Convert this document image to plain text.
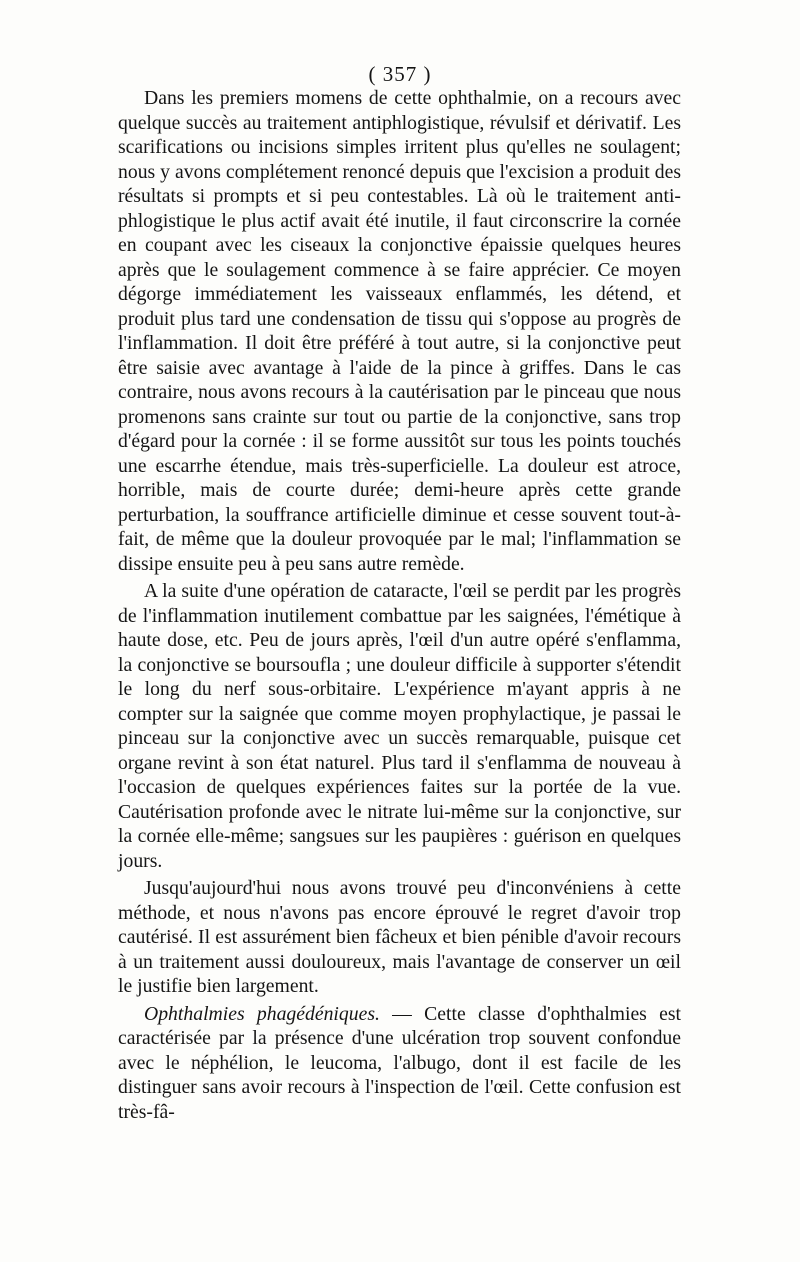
( 357 )

Dans les premiers momens de cette ophthalmie, on a recours avec quelque succès au traitement antiphlogistique, révulsif et dérivatif. Les scarifications ou incisions simples irritent plus qu'elles ne soulagent; nous y avons complétement renoncé depuis que l'excision a produit des résultats si prompts et si peu contestables. Là où le traitement anti-phlogistique le plus actif avait été inutile, il faut circonscrire la cornée en coupant avec les ciseaux la conjonctive épaissie quelques heures après que le soulagement commence à se faire apprécier. Ce moyen dégorge immédiatement les vaisseaux enflammés, les détend, et produit plus tard une condensation de tissu qui s'oppose au progrès de l'inflammation. Il doit être préféré à tout autre, si la conjonctive peut être saisie avec avantage à l'aide de la pince à griffes. Dans le cas contraire, nous avons recours à la cautérisation par le pinceau que nous promenons sans crainte sur tout ou partie de la conjonctive, sans trop d'égard pour la cornée : il se forme aussitôt sur tous les points touchés une escarrhe étendue, mais très-superficielle. La douleur est atroce, horrible, mais de courte durée; demi-heure après cette grande perturbation, la souffrance artificielle diminue et cesse souvent tout-à-fait, de même que la douleur provoquée par le mal; l'inflammation se dissipe ensuite peu à peu sans autre remède.

A la suite d'une opération de cataracte, l'œil se perdit par les progrès de l'inflammation inutilement combattue par les saignées, l'émétique à haute dose, etc. Peu de jours après, l'œil d'un autre opéré s'enflamma, la conjonctive se boursoufla ; une douleur difficile à supporter s'étendit le long du nerf sous-orbitaire. L'expérience m'ayant appris à ne compter sur la saignée que comme moyen prophylactique, je passai le pinceau sur la conjonctive avec un succès remarquable, puisque cet organe revint à son état naturel. Plus tard il s'enflamma de nouveau à l'occasion de quelques expériences faites sur la portée de la vue. Cautérisation profonde avec le nitrate lui-même sur la conjonctive, sur la cornée elle-même; sangsues sur les paupières : guérison en quelques jours.

Jusqu'aujourd'hui nous avons trouvé peu d'inconvéniens à cette méthode, et nous n'avons pas encore éprouvé le regret d'avoir trop cautérisé. Il est assurément bien fâcheux et bien pénible d'avoir recours à un traitement aussi douloureux, mais l'avantage de conserver un œil le justifie bien largement.

Ophthalmies phagédéniques. — Cette classe d'ophthalmies est caractérisée par la présence d'une ulcération trop souvent confondue avec le néphélion, le leucoma, l'albugo, dont il est facile de les distinguer sans avoir recours à l'inspection de l'œil. Cette confusion est très-fâ-
